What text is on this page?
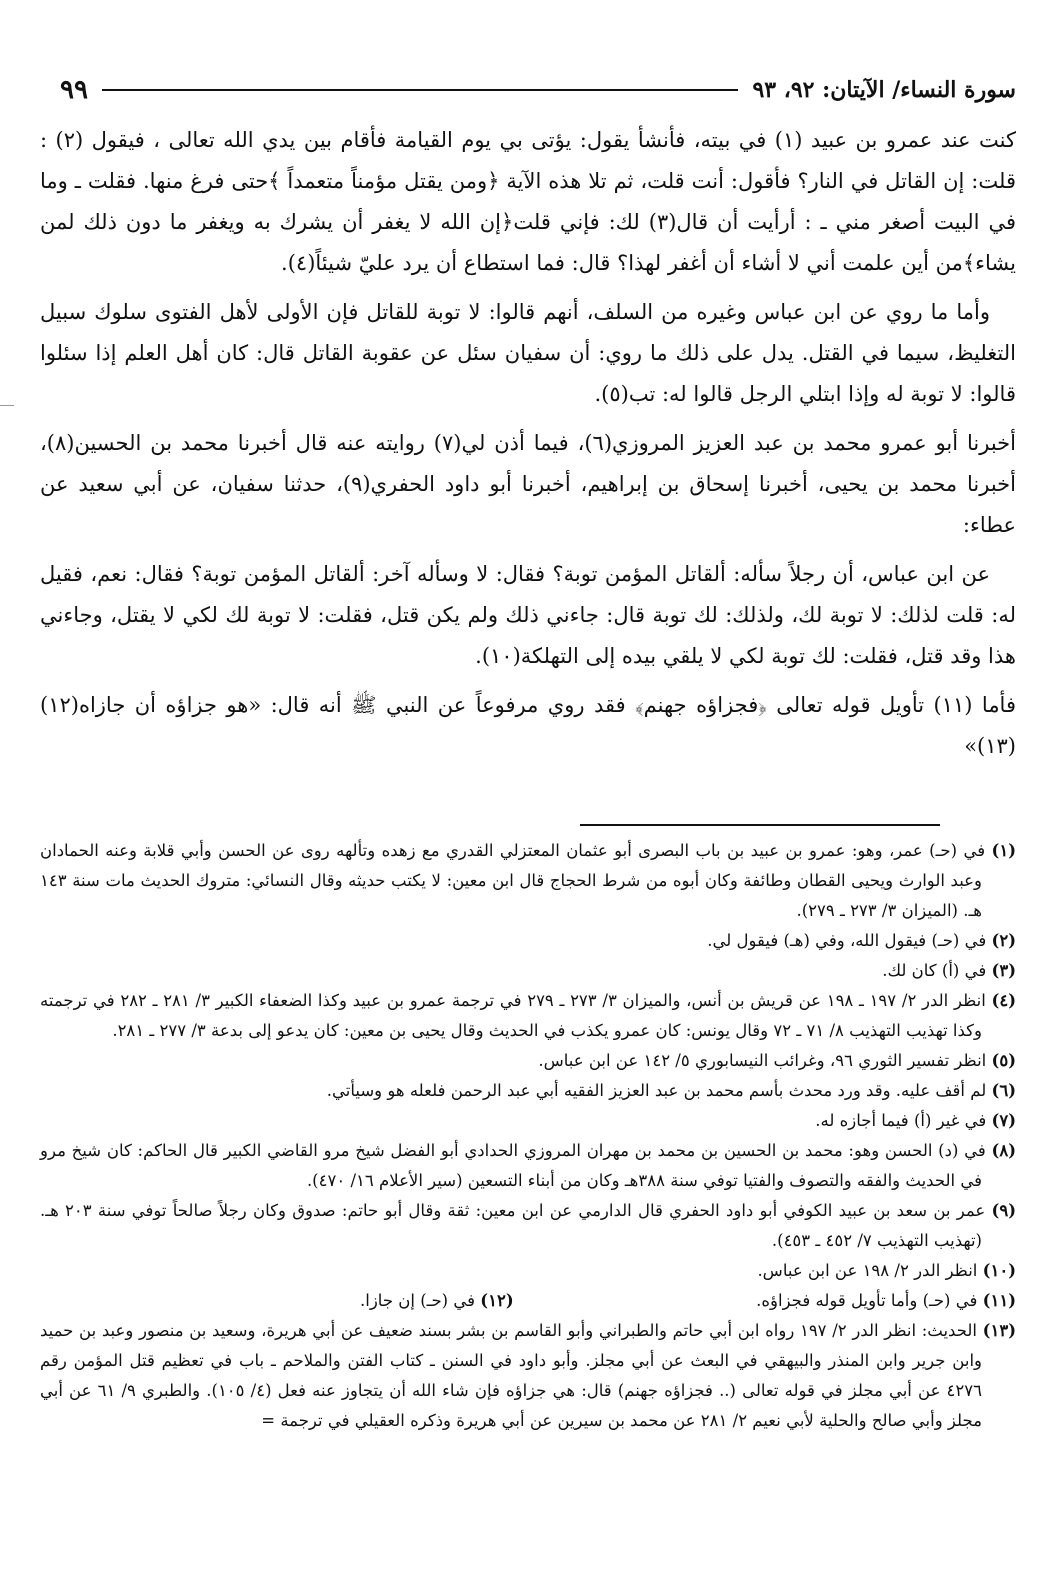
سورة النساء/ الآيتان: ٩٢، ٩٣
٩٩

كنت عند عمرو بن عبيد (١) في بيته، فأنشأ يقول: يؤتى بي يوم القيامة فأقام بين يدي الله تعالى ، فيقول (٢) : قلت: إن القاتل في النار؟ فأقول: أنت قلت، ثم تلا هذه الآية ﴿ومن يقتل مؤمناً متعمداً ﴾حتى فرغ منها. فقلت ـ وما في البيت أصغر مني ـ : أرأيت أن قال(٣) لك: فإني قلت﴿إن الله لا يغفر أن يشرك به ويغفر ما دون ذلك لمن يشاء﴾من أين علمت أني لا أشاء أن أغفر لهذا؟ قال: فما استطاع أن يرد عليّ شيئاً(٤).

وأما ما روي عن ابن عباس وغيره من السلف، أنهم قالوا: لا توبة للقاتل فإن الأولى لأهل الفتوى سلوك سبيل التغليظ، سيما في القتل. يدل على ذلك ما روي: أن سفيان سئل عن عقوبة القاتل قال: كان أهل العلم إذا سئلوا قالوا: لا توبة له وإذا ابتلي الرجل قالوا له: تب(٥).

أخبرنا أبو عمرو محمد بن عبد العزيز المروزي(٦)، فيما أذن لي(٧) روايته عنه قال أخبرنا محمد بن الحسين(٨)، أخبرنا محمد بن يحيى، أخبرنا إسحاق بن إبراهيم، أخبرنا أبو داود الحفري(٩)، حدثنا سفيان، عن أبي سعيد عن عطاء:

عن ابن عباس، أن رجلاً سأله: ألقاتل المؤمن توبة؟ فقال: لا وسأله آخر: ألقاتل المؤمن توبة؟ فقال: نعم، فقيل له: قلت لذلك: لا توبة لك، ولذلك: لك توبة قال: جاءني ذلك ولم يكن قتل، فقلت: لا توبة لك لكي لا يقتل، وجاءني هذا وقد قتل، فقلت: لك توبة لكي لا يلقي بيده إلى التهلكة(١٠).

فأما (١١) تأويل قوله تعالى ﴿فجزاؤه جهنم﴾ فقد روي مرفوعاً عن النبي ﷺ أنه قال: «هو جزاؤه أن جازاه(١٢)(١٣)»

(١) في (حـ) عمر، وهو: عمرو بن عبيد بن باب البصرى أبو عثمان المعتزلي القدري مع زهده وتألهه روى عن الحسن وأبي قلابة وعنه الحمادان وعبد الوارث ويحيى القطان وطائفة وكان أبوه من شرط الحجاج قال ابن معين: لا يكتب حديثه وقال النسائي: متروك الحديث مات سنة ١٤٣ هـ. (الميزان ٣/ ٢٧٣ ـ ٢٧٩).

(٢) في (حـ) فيقول الله، وفي (هـ) فيقول لي.

(٣) في (أ) كان لك.

(٤) انظر الدر ٢/ ١٩٧ ـ ١٩٨ عن قريش بن أنس، والميزان ٣/ ٢٧٣ ـ ٢٧٩ في ترجمة عمرو بن عبيد وكذا الضعفاء الكبير ٣/ ٢٨١ ـ ٢٨٢ في ترجمته وكذا تهذيب التهذيب ٨/ ٧١ ـ ٧٢ وقال يونس: كان عمرو يكذب في الحديث وقال يحيى بن معين: كان يدعو إلى بدعة ٣/ ٢٧٧ ـ ٢٨١.

(٥) انظر تفسير الثوري ٩٦، وغرائب النيسابوري ٥/ ١٤٢ عن ابن عباس.

(٦) لم أقف عليه. وقد ورد محدث بأسم محمد بن عبد العزيز الفقيه أبي عبد الرحمن فلعله هو وسيأتي.

(٧) في غير (أ) فيما أجازه له.

(٨) في (د) الحسن وهو: محمد بن الحسين بن محمد بن مهران المروزي الحدادي أبو الفضل شيخ مرو القاضي الكبير قال الحاكم: كان شيخ مرو في الحديث والفقه والتصوف والفتيا توفي سنة ٣٨٨هـ وكان من أبناء التسعين (سير الأعلام ١٦/ ٤٧٠).

(٩) عمر بن سعد بن عبيد الكوفي أبو داود الحفري قال الدارمي عن ابن معين: ثقة وقال أبو حاتم: صدوق وكان رجلاً صالحاً توفي سنة ٢٠٣ هـ. (تهذيب التهذيب ٧/ ٤٥٢ ـ ٤٥٣).

(١٠) انظر الدر ٢/ ١٩٨ عن ابن عباس.

(١١) في (حـ) وأما تأويل قوله فجزاؤه.

(١٢) في (حـ) إن جازا.

(١٣) الحديث: انظر الدر ٢/ ١٩٧ رواه ابن أبي حاتم والطبراني وأبو القاسم بن بشر بسند ضعيف عن أبي هريرة، وسعيد بن منصور وعبد بن حميد وابن جرير وابن المنذر والبيهقي في البعث عن أبي مجلز. وأبو داود في السنن ـ كتاب الفتن والملاحم ـ باب في تعظيم قتل المؤمن رقم ٤٢٧٦ عن أبي مجلز في قوله تعالى (.. فجزاؤه جهنم) قال: هي جزاؤه فإن شاء الله أن يتجاوز عنه فعل (٤/ ١٠٥). والطبري ٩/ ٦١ عن أبي مجلز وأبي صالح والحلية لأبي نعيم ٢/ ٢٨١ عن محمد بن سيرين عن أبي هريرة وذكره العقيلي في ترجمة =
